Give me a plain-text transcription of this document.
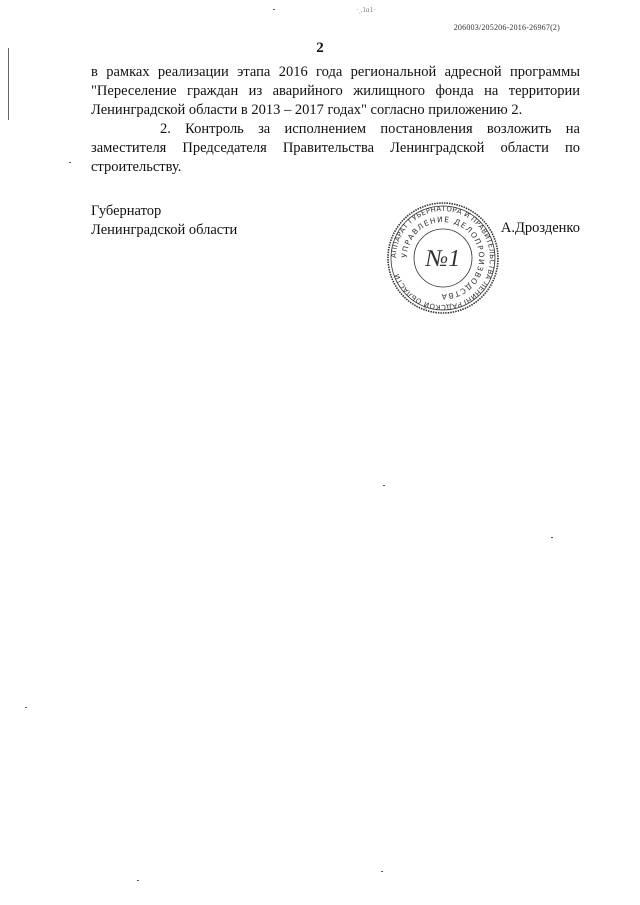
·ˌ.1ɑ1·
206003/205206-2016-26967(2)
2

в рамках реализации этапа 2016 года региональной адресной программы "Переселение граждан из аварийного жилищного фонда на территории Ленинградской области в 2013 – 2017 годах" согласно приложению 2.

2. Контроль за исполнением постановления возложить на заместителя Председателя Правительства Ленинградской области по строительству.

Губернатор
Ленинградской области	А.Дрозденко
АППАРАТ ГУБЕРНАТОРА И ПРАВИТЕЛЬСТВА ЛЕНИНГРАДСКОЙ ОБЛАСТИ
УПРАВЛЕНИЕ ДЕЛОПРОИЗВОДСТВА
№1
